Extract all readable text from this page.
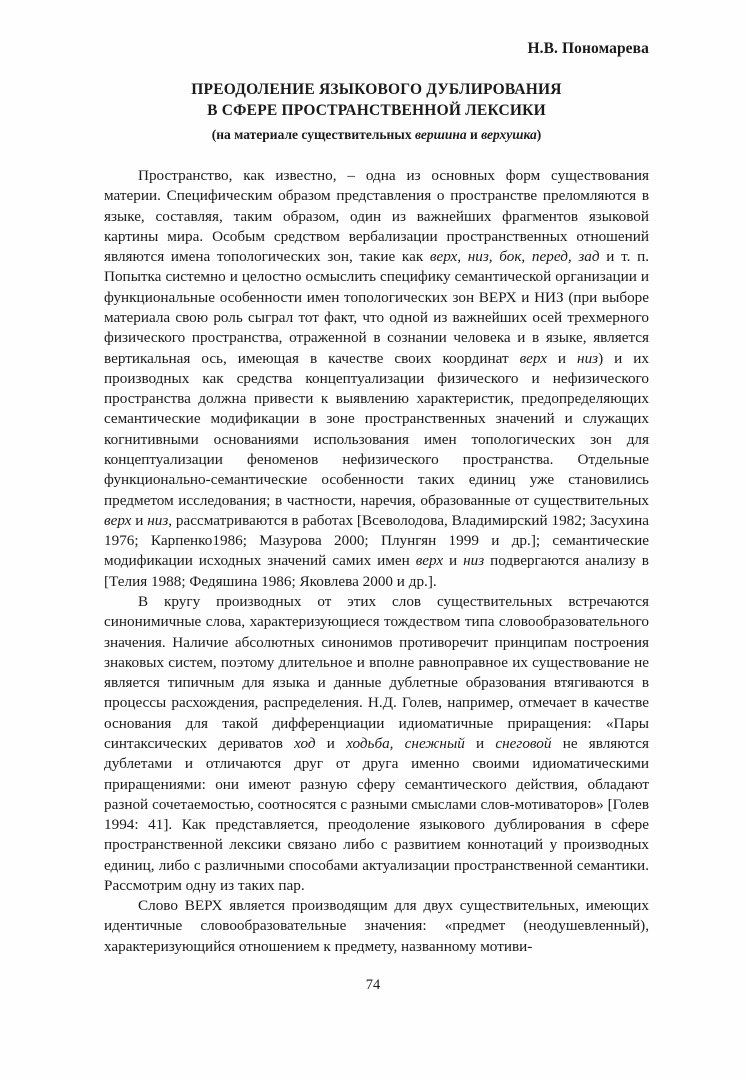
Н.В. Пономарева
ПРЕОДОЛЕНИЕ ЯЗЫКОВОГО ДУБЛИРОВАНИЯ
В СФЕРЕ ПРОСТРАНСТВЕННОЙ ЛЕКСИКИ
(на материале существительных вершина и верхушка)

Пространство, как известно, – одна из основных форм существования материи. Специфическим образом представления о пространстве преломляются в языке, составляя, таким образом, один из важнейших фрагментов языковой картины мира. Особым средством вербализации пространственных отношений являются имена топологических зон, такие как верх, низ, бок, перед, зад и т. п. Попытка системно и целостно осмыслить специфику семантической организации и функциональные особенности имен топологических зон ВЕРХ и НИЗ (при выборе материала свою роль сыграл тот факт, что одной из важнейших осей трехмерного физического пространства, отраженной в сознании человека и в языке, является вертикальная ось, имеющая в качестве своих координат верх и низ) и их производных как средства концептуализации физического и нефизического пространства должна привести к выявлению характеристик, предопределяющих семантические модификации в зоне пространственных значений и служащих когнитивными основаниями использования имен топологических зон для концептуализации феноменов нефизического пространства. Отдельные функционально-семантические особенности таких единиц уже становились предметом исследования; в частности, наречия, образованные от существительных верх и низ, рассматриваются в работах [Всеволодова, Владимирский 1982; Засухина 1976; Карпенко1986; Мазурова 2000; Плунгян 1999 и др.]; семантические модификации исходных значений самих имен верх и низ подвергаются анализу в [Телия 1988; Федяшина 1986; Яковлева 2000 и др.].

В кругу производных от этих слов существительных встречаются синонимичные слова, характеризующиеся тождеством типа словообразовательного значения. Наличие абсолютных синонимов противоречит принципам построения знаковых систем, поэтому длительное и вполне равноправное их существование не является типичным для языка и данные дублетные образования втягиваются в процессы расхождения, распределения. Н.Д. Голев, например, отмечает в качестве основания для такой дифференциации идиоматичные приращения: «Пары синтаксических дериватов ход и ходьба, снежный и снеговой не являются дублетами и отличаются друг от друга именно своими идиоматическими приращениями: они имеют разную сферу семантического действия, обладают разной сочетаемостью, соотносятся с разными смыслами слов-мотиваторов» [Голев 1994: 41]. Как представляется, преодоление языкового дублирования в сфере пространственной лексики связано либо с развитием коннотаций у производных единиц, либо с различными способами актуализации пространственной семантики. Рассмотрим одну из таких пар.

Слово ВЕРХ является производящим для двух существительных, имеющих идентичные словообразовательные значения: «предмет (неодушевленный), характеризующийся отношением к предмету, названному мотиви-

74
